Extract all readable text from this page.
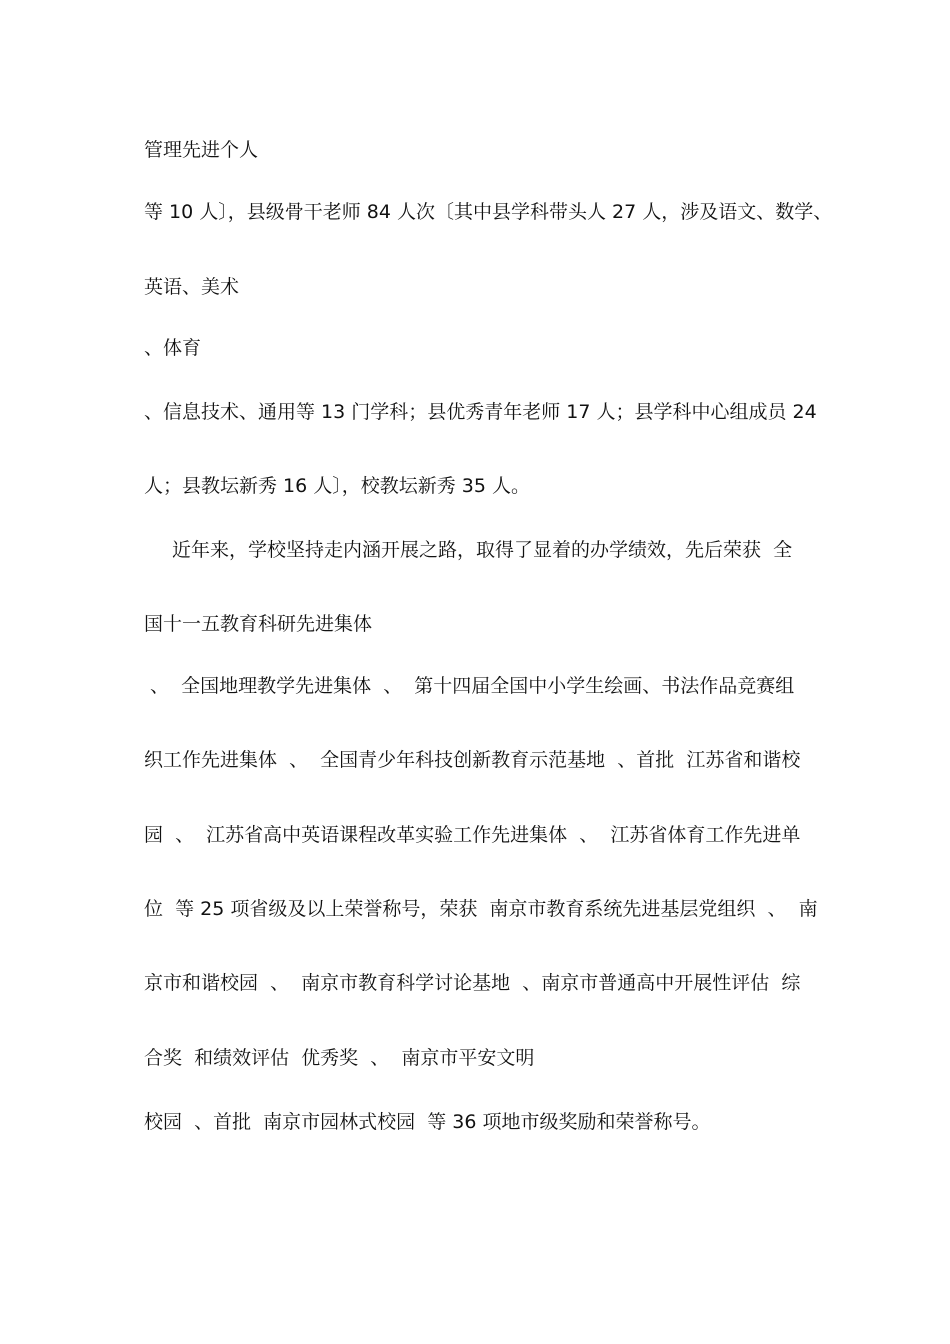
管理先进个人
等 10 人〕，县级骨干老师 84 人次〔其中县学科带头人 27 人，涉及语文、数学、
英语、美术
、体育
、信息技术、通用等 13 门学科；县优秀青年老师 17 人；县学科中心组成员 24
人；县教坛新秀 16 人〕，校教坛新秀 35 人。
近年来，学校坚持走内涵开展之路，取得了显着的办学绩效，先后荣获  全
国十一五教育科研先进集体
、  全国地理教学先进集体  、  第十四届全国中小学生绘画、书法作品竞赛组
织工作先进集体  、  全国青少年科技创新教育示范基地  、首批  江苏省和谐校
园  、  江苏省高中英语课程改革实验工作先进集体  、  江苏省体育工作先进单
位  等 25 项省级及以上荣誉称号，荣获  南京市教育系统先进基层党组织  、  南
京市和谐校园  、  南京市教育科学讨论基地  、南京市普通高中开展性评估  综
合奖  和绩效评估  优秀奖  、  南京市平安文明
校园  、首批  南京市园林式校园  等 36 项地市级奖励和荣誉称号。
